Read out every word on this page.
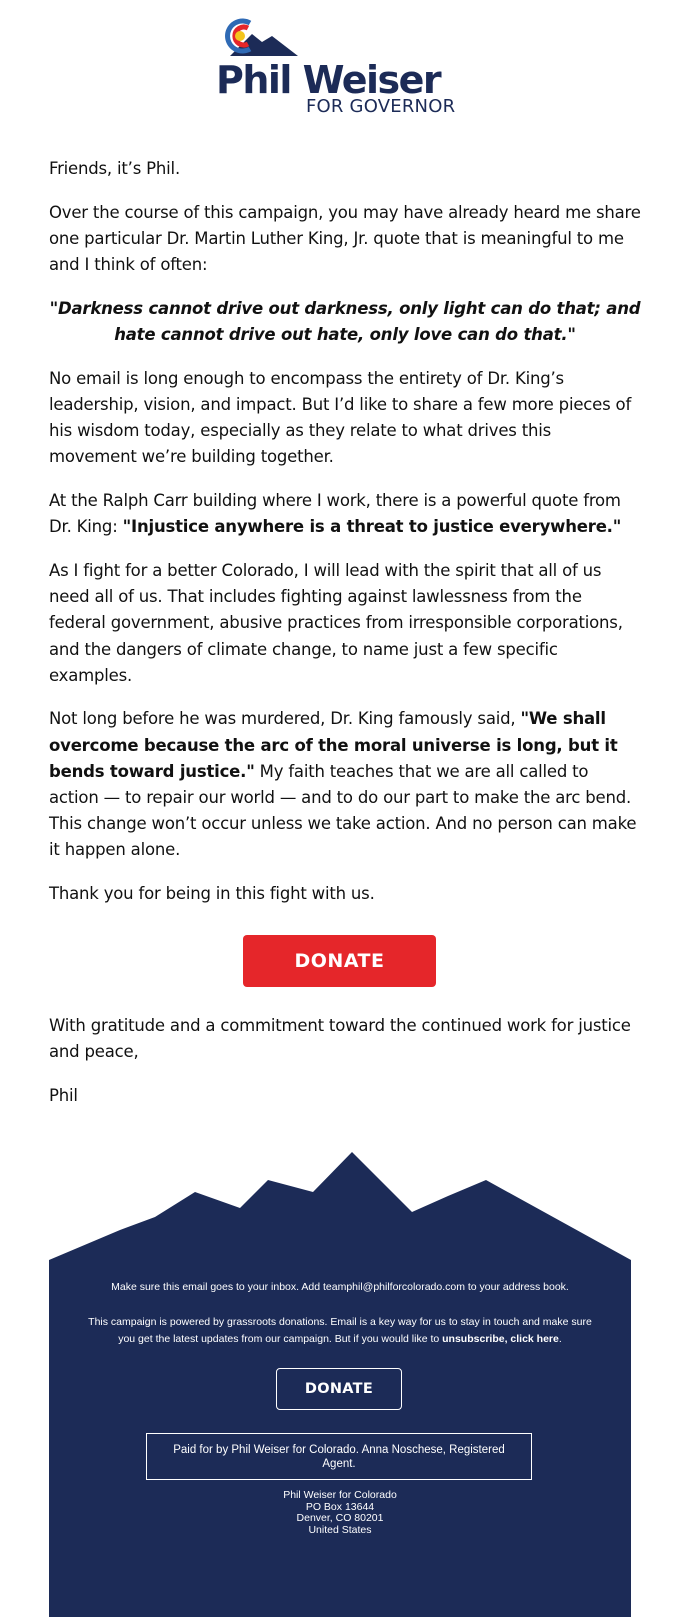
Phil Weiser
FOR GOVERNOR

Friends, it’s Phil.

Over the course of this campaign, you may have already heard me share one particular Dr. Martin Luther King, Jr. quote that is meaningful to me and I think of often:

"Darkness cannot drive out darkness, only light can do that; and hate cannot drive out hate, only love can do that."

No email is long enough to encompass the entirety of Dr. King’s leadership, vision, and impact. But I’d like to share a few more pieces of his wisdom today, especially as they relate to what drives this movement we’re building together.

At the Ralph Carr building where I work, there is a powerful quote from Dr. King: "Injustice anywhere is a threat to justice everywhere."

As I fight for a better Colorado, I will lead with the spirit that all of us need all of us. That includes fighting against lawlessness from the federal government, abusive practices from irresponsible corporations, and the dangers of climate change, to name just a few specific examples.

Not long before he was murdered, Dr. King famously said, "We shall overcome because the arc of the moral universe is long, but it bends toward justice." My faith teaches that we are all called to action — to repair our world — and to do our part to make the arc bend. This change won’t occur unless we take action. And no person can make it happen alone.

Thank you for being in this fight with us.

DONATE

With gratitude and a commitment toward the continued work for justice and peace,

Phil

Make sure this email goes to your inbox. Add teamphil@philforcolorado.com to your address book.
This campaign is powered by grassroots donations. Email is a key way for us to stay in touch and make sure you get the latest updates from our campaign. But if you would like to unsubscribe, click here.
DONATE
Paid for by Phil Weiser for Colorado. Anna Noschese, Registered Agent.
Phil Weiser for Colorado
PO Box 13644
Denver, CO 80201
United States
